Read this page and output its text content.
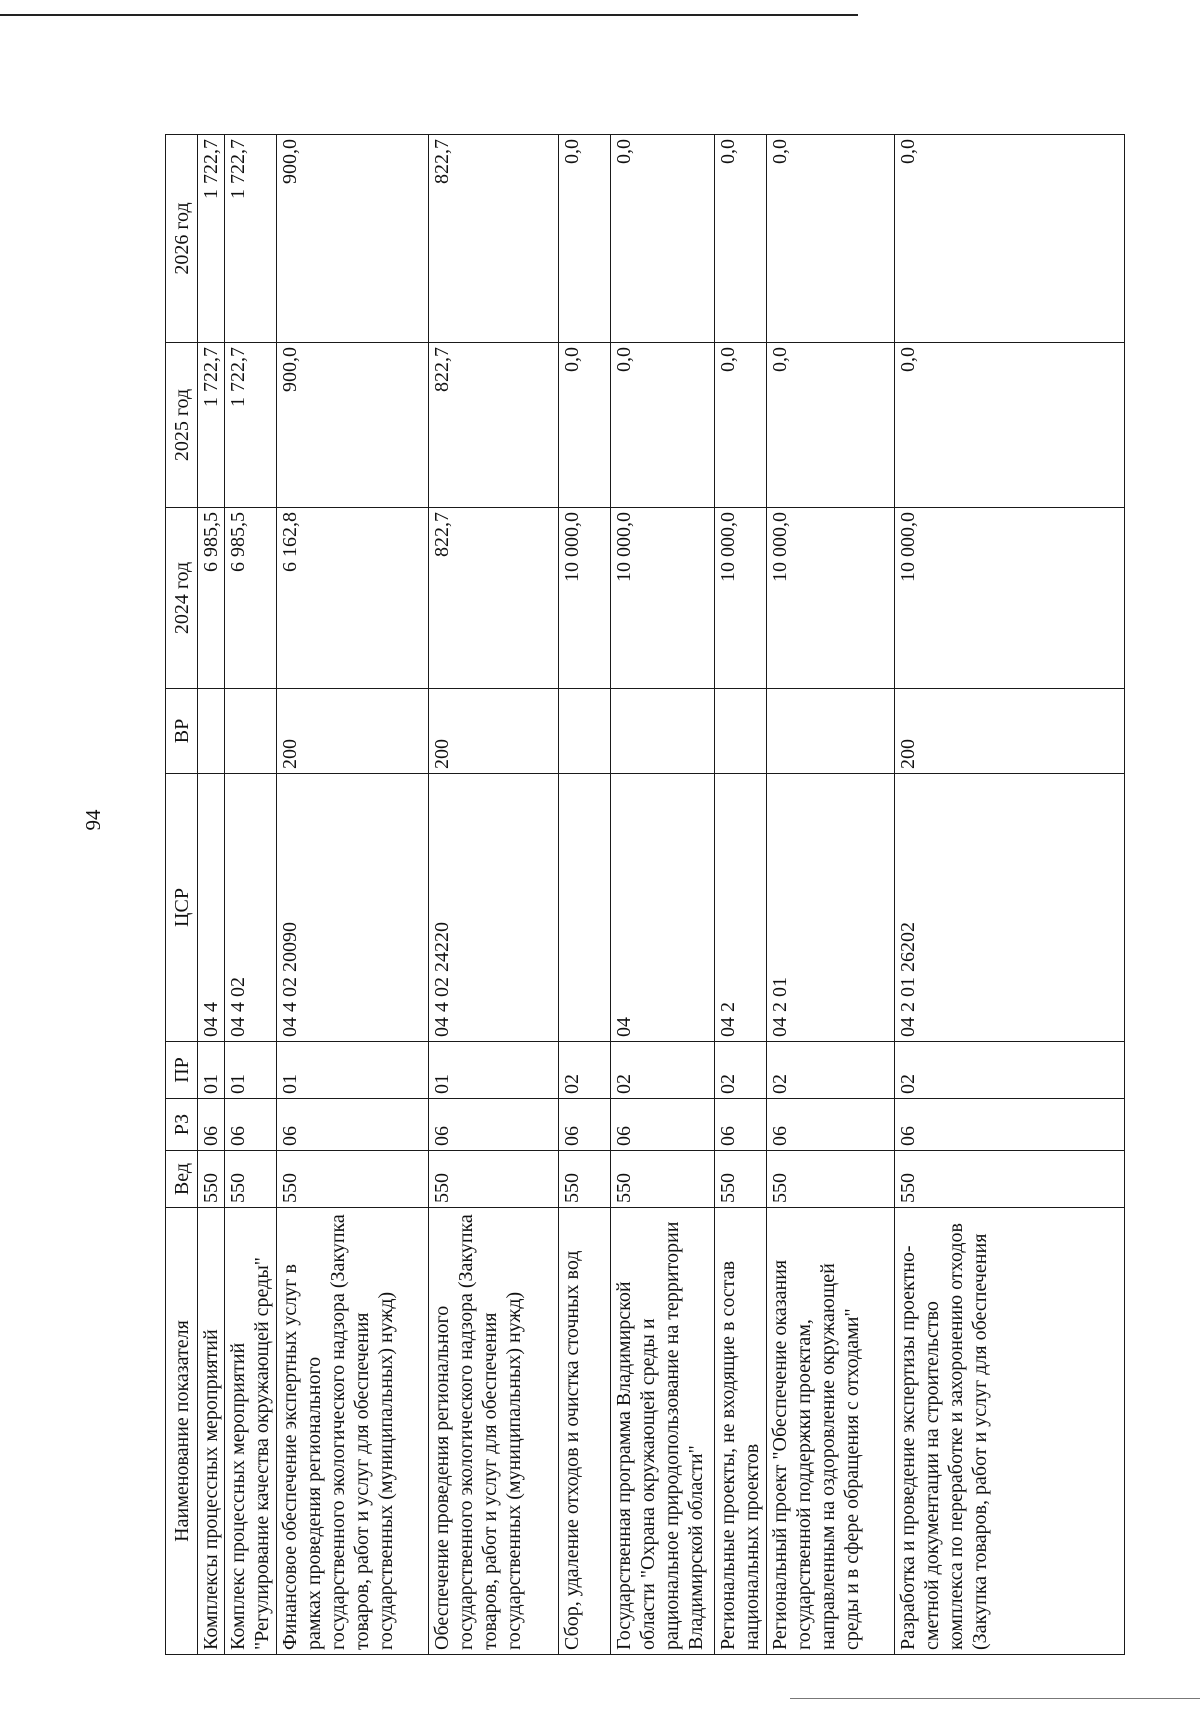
94
Наименование показателя	Вед	РЗ	ПР	ЦСР	ВР	2024 год	2025 год	2026 год
Комплексы процессных мероприятий	550	06	01	04 4		6 985,5	1 722,7	1 722,7
Комплекс процессных мероприятий "Регулирование качества окружающей среды"	550	06	01	04 4 02		6 985,5	1 722,7	1 722,7
Финансовое обеспечение экспертных услуг в рамках проведения регионального государственного экологического надзора (Закупка товаров, работ и услуг для обеспечения государственных (муниципальных) нужд)	550	06	01	04 4 02 20090	200	6 162,8	900,0	900,0
Обеспечение проведения регионального государственного экологического надзора (Закупка товаров, работ и услуг для обеспечения государственных (муниципальных) нужд)	550	06	01	04 4 02 24220	200	822,7	822,7	822,7
Сбор, удаление отходов и очистка сточных вод	550	06	02			10 000,0	0,0	0,0
Государственная программа Владимирской области "Охрана окружающей среды и рациональное природопользование на территории Владимирской области"	550	06	02	04		10 000,0	0,0	0,0
Региональные проекты, не входящие в состав национальных проектов	550	06	02	04 2		10 000,0	0,0	0,0
Региональный проект "Обеспечение оказания государственной поддержки проектам, направленным на оздоровление окружающей среды и в сфере обращения с отходами"	550	06	02	04 2 01		10 000,0	0,0	0,0
Разработка и проведение экспертизы проектно-сметной документации на строительство комплекса по переработке и захоронению отходов (Закупка товаров, работ и услуг для обеспечения	550	06	02	04 2 01 26202	200	10 000,0	0,0	0,0
